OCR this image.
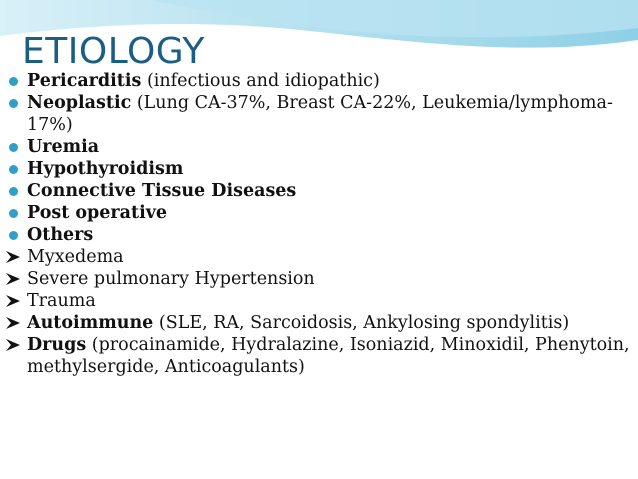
ETIOLOGY
Pericarditis (infectious and idiopathic)
Neoplastic (Lung CA-37%, Breast CA-22%, Leukemia/lymphoma-17%)
Uremia
Hypothyroidism
Connective Tissue Diseases
Post operative
Others
Myxedema
Severe pulmonary Hypertension
Trauma
Autoimmune (SLE, RA, Sarcoidosis, Ankylosing spondylitis)
Drugs (procainamide, Hydralazine, Isoniazid, Minoxidil, Phenytoin, methylsergide, Anticoagulants)
